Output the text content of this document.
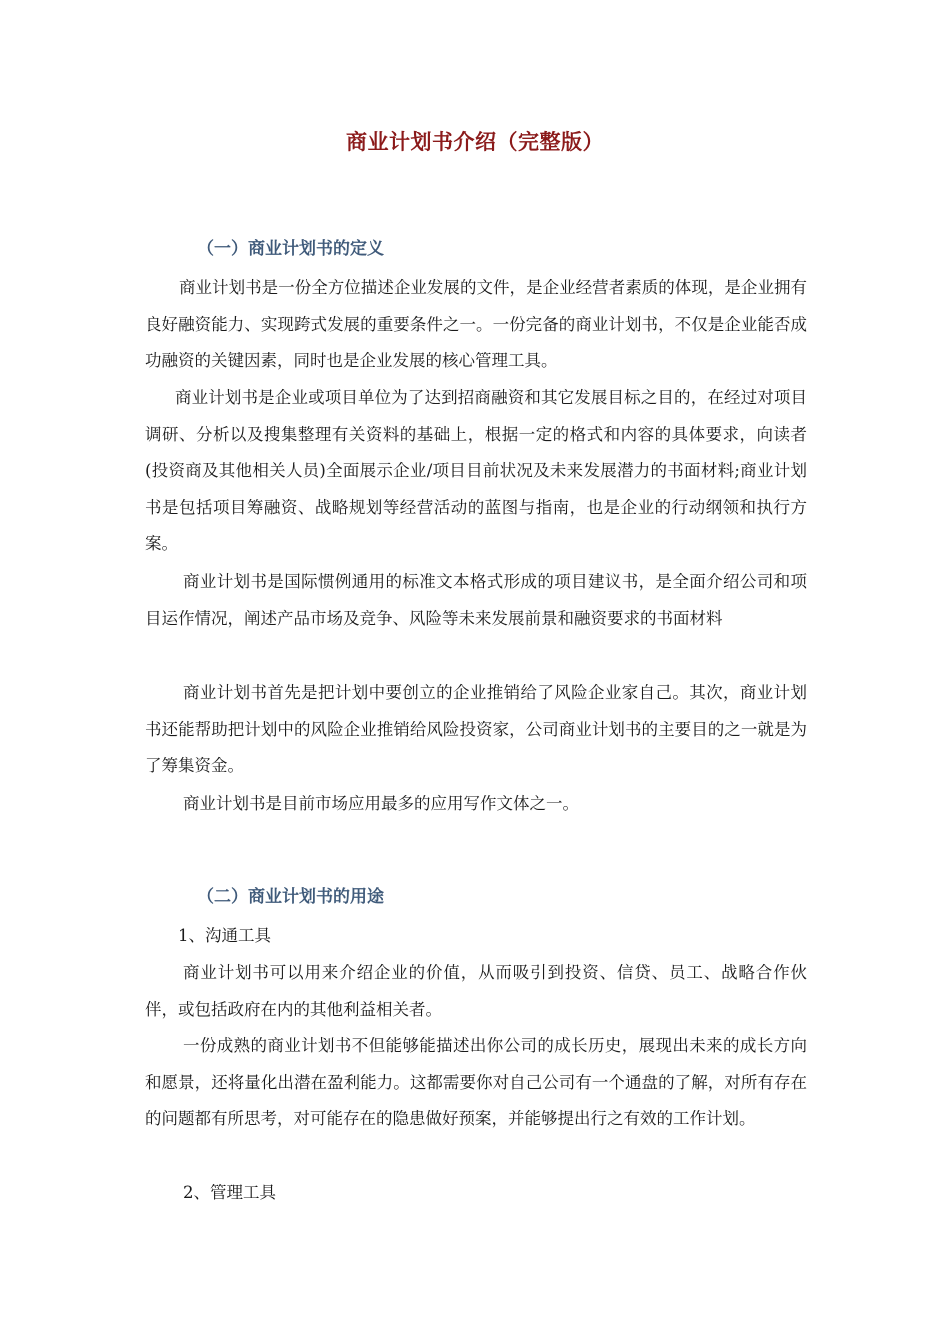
商业计划书介绍（完整版）
（一）商业计划书的定义

商业计划书是一份全方位描述企业发展的文件，是企业经营者素质的体现，是企业拥有良好融资能力、实现跨式发展的重要条件之一。一份完备的商业计划书，不仅是企业能否成功融资的关键因素，同时也是企业发展的核心管理工具。

商业计划书是企业或项目单位为了达到招商融资和其它发展目标之目的，在经过对项目调研、分析以及搜集整理有关资料的基础上，根据一定的格式和内容的具体要求，向读者(投资商及其他相关人员)全面展示企业/项目目前状况及未来发展潜力的书面材料;商业计划书是包括项目筹融资、战略规划等经营活动的蓝图与指南，也是企业的行动纲领和执行方案。

商业计划书是国际惯例通用的标准文本格式形成的项目建议书，是全面介绍公司和项目运作情况，阐述产品市场及竞争、风险等未来发展前景和融资要求的书面材料

商业计划书首先是把计划中要创立的企业推销给了风险企业家自己。其次，商业计划书还能帮助把计划中的风险企业推销给风险投资家，公司商业计划书的主要目的之一就是为了筹集资金。

商业计划书是目前市场应用最多的应用写作文体之一。

（二）商业计划书的用途
1、沟通工具

商业计划书可以用来介绍企业的价值，从而吸引到投资、信贷、员工、战略合作伙伴，或包括政府在内的其他利益相关者。

一份成熟的商业计划书不但能够能描述出你公司的成长历史，展现出未来的成长方向和愿景，还将量化出潜在盈利能力。这都需要你对自己公司有一个通盘的了解，对所有存在的问题都有所思考，对可能存在的隐患做好预案，并能够提出行之有效的工作计划。

2、管理工具
